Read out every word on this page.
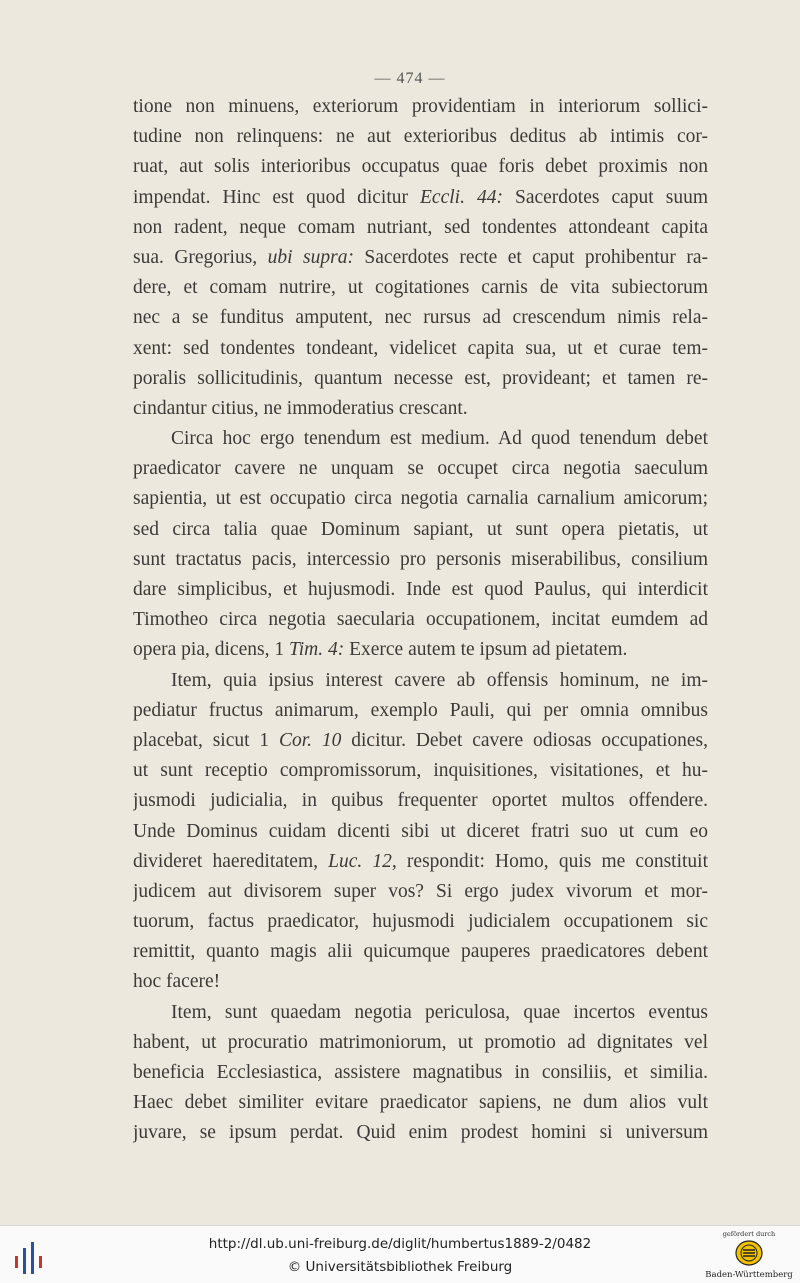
— 474 —
tione non minuens, exteriorum providentiam in interiorum sollici-
tudine non relinquens: ne aut exterioribus deditus ab intimis cor-
ruat, aut solis interioribus occupatus quae foris debet proximis non
impendat. Hinc est quod dicitur Eccli. 44: Sacerdotes caput suum
non radent, neque comam nutriant, sed tondentes attondeant capita
sua. Gregorius, ubi supra: Sacerdotes recte et caput prohibentur ra-
dere, et comam nutrire, ut cogitationes carnis de vita subiectorum
nec a se funditus amputent, nec rursus ad crescendum nimis rela-
xent: sed tondentes tondeant, videlicet capita sua, ut et curae tem-
poralis sollicitudinis, quantum necesse est, provideant; et tamen re-
cindantur citius, ne immoderatius crescant.
Circa hoc ergo tenendum est medium. Ad quod tenendum debet
praedicator cavere ne unquam se occupet circa negotia saeculum
sapientia, ut est occupatio circa negotia carnalia carnalium amicorum;
sed circa talia quae Dominum sapiant, ut sunt opera pietatis, ut
sunt tractatus pacis, intercessio pro personis miserabilibus, consilium
dare simplicibus, et hujusmodi. Inde est quod Paulus, qui interdicit
Timotheo circa negotia saecularia occupationem, incitat eumdem ad
opera pia, dicens, 1 Tim. 4: Exerce autem te ipsum ad pietatem.
Item, quia ipsius interest cavere ab offensis hominum, ne im-
pediatur fructus animarum, exemplo Pauli, qui per omnia omnibus
placebat, sicut 1 Cor. 10 dicitur. Debet cavere odiosas occupationes,
ut sunt receptio compromissorum, inquisitiones, visitationes, et hu-
jusmodi judicialia, in quibus frequenter oportet multos offendere.
Unde Dominus cuidam dicenti sibi ut diceret fratri suo ut cum eo
divideret haereditatem, Luc. 12, respondit: Homo, quis me constituit
judicem aut divisorem super vos? Si ergo judex vivorum et mor-
tuorum, factus praedicator, hujusmodi judicialem occupationem sic
remittit, quanto magis alii quicumque pauperes praedicatores debent
hoc facere!
Item, sunt quaedam negotia periculosa, quae incertos eventus
habent, ut procuratio matrimoniorum, ut promotio ad dignitates vel
beneficia Ecclesiastica, assistere magnatibus in consiliis, et similia.
Haec debet similiter evitare praedicator sapiens, ne dum alios vult
juvare, se ipsum perdat. Quid enim prodest homini si universum
http://dl.ub.uni-freiburg.de/diglit/humbertus1889-2/0482
© Universitätsbibliothek Freiburg
gefördert durch
Baden-Württemberg
